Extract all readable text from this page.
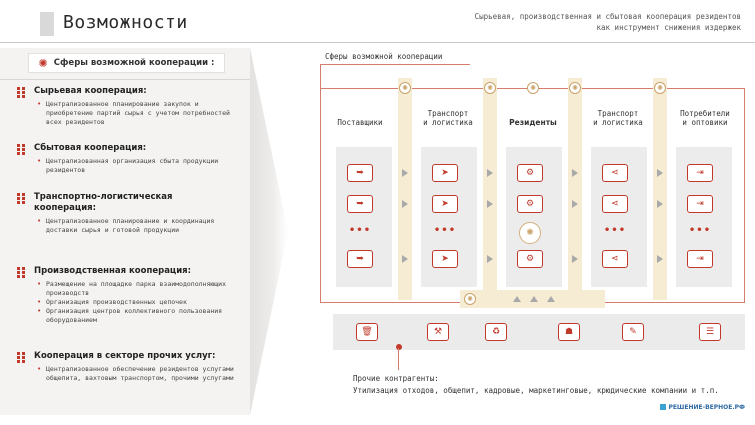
Возможности	Сырьевая, производственная и сбытовая кооперация резидентов
как инструмент снижения издержек
✺ Сферы возможной кооперации :
Сырьевая кооперация:
• Централизованное планирование закупок и приобретение партий сырья с учетом потребностей всех резидентов
Сбытовая кооперация:
• Централизованная организация сбыта продукции резидентов
Транспортно-логистическая кооперация:
• Централизованное планирование и координация доставки сырья и готовой продукции
Производственная кооперация:
• Размещение на площадке парка взаимодополняющих производств
• Организация производственных цепочек
• Организация центров коллективного пользования оборудованием
Кооперация в секторе прочих услуг:
• Централизованное обеспечение резидентов услугами общепита, вахтовым транспортом, прочими услугами
Сферы возможной кооперации
✺	✺	✺	✺	✺
✺
Поставщики
Транспорт
и логистика	Резиденты
Транспорт
и логистика
Потребители
и оптовики
➥
➥
•••
➥
➤
➤
•••
➤
⚙
⚙
✺
⚙
⋖
⋖
•••
⋖
⇥
⇥
•••
⇥
🗑	⚒	♻	☗	✎	☰
Прочие контрагенты:
Утилизация отходов, общепит, кадровые, маркетинговые, крюдические компании и т.п.
РЕШЕНИЕ-ВЕРНОЕ.РФ
